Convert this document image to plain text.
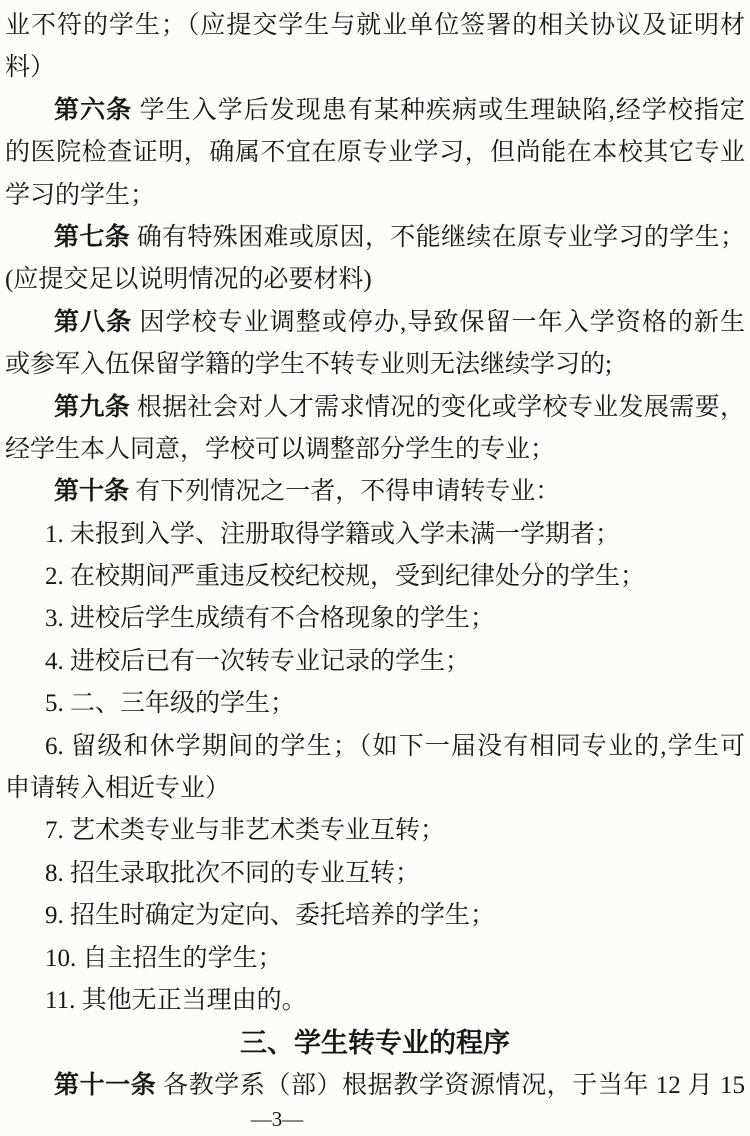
业不符的学生；（应提交学生与就业单位签署的相关协议及证明材
料）
第六条 学生入学后发现患有某种疾病或生理缺陷,经学校指定
的医院检查证明，确属不宜在原专业学习，但尚能在本校其它专业
学习的学生；
第七条 确有特殊困难或原因，不能继续在原专业学习的学生；
(应提交足以说明情况的必要材料)
第八条 因学校专业调整或停办,导致保留一年入学资格的新生
或参军入伍保留学籍的学生不转专业则无法继续学习的;
第九条 根据社会对人才需求情况的变化或学校专业发展需要，
经学生本人同意，学校可以调整部分学生的专业；
第十条 有下列情况之一者，不得申请转专业：
1. 未报到入学、注册取得学籍或入学未满一学期者；
2. 在校期间严重违反校纪校规，受到纪律处分的学生；
3. 进校后学生成绩有不合格现象的学生；
4. 进校后已有一次转专业记录的学生；
5. 二、三年级的学生；
6. 留级和休学期间的学生；（如下一届没有相同专业的,学生可
申请转入相近专业）
7. 艺术类专业与非艺术类专业互转；
8. 招生录取批次不同的专业互转；
9. 招生时确定为定向、委托培养的学生；
10. 自主招生的学生；
11. 其他无正当理由的。
三、学生转专业的程序
第十一条 各教学系（部）根据教学资源情况，于当年 12 月 15
—3—
